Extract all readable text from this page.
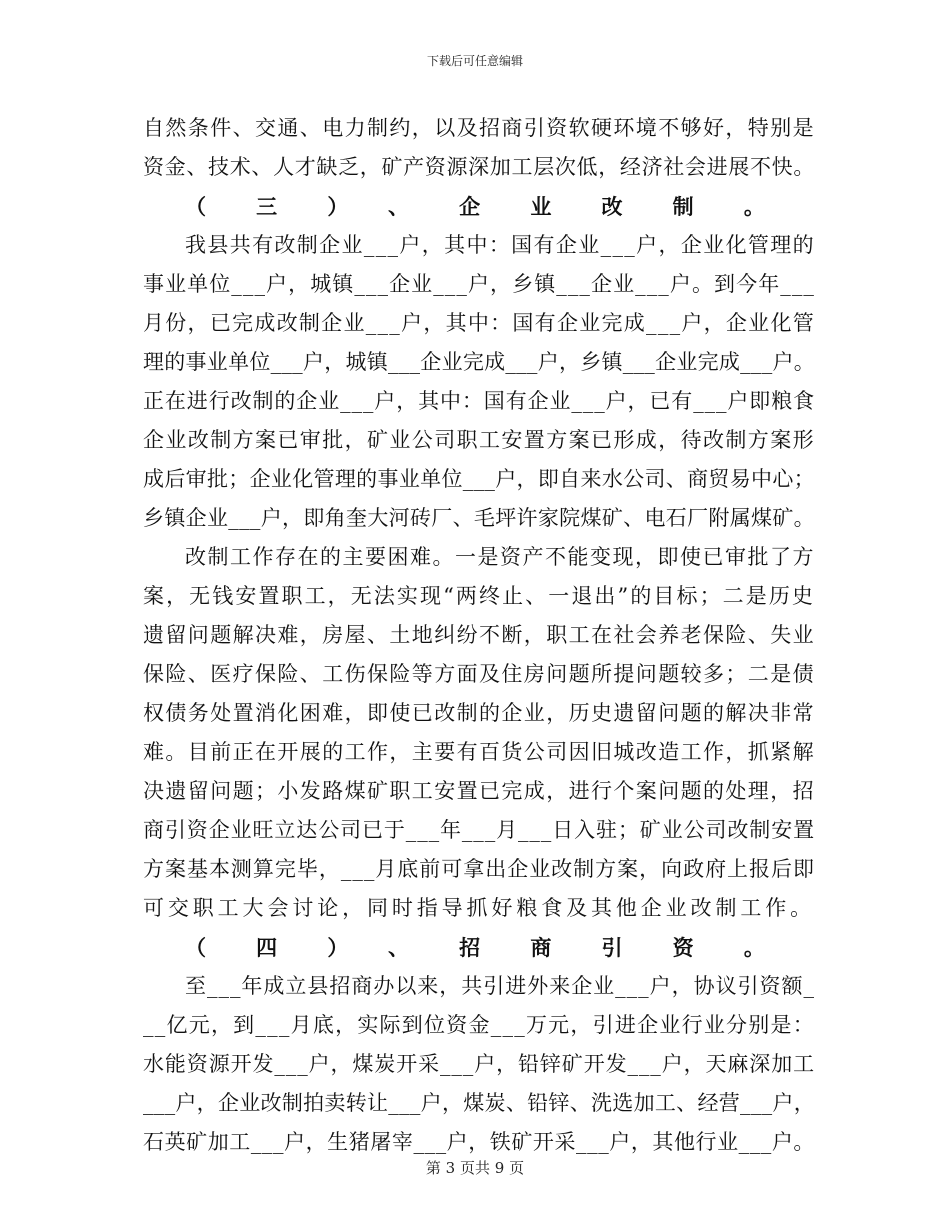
下载后可任意编辑
自然条件、交通、电力制约，以及招商引资软硬环境不够好，特别是
资金、技术、人才缺乏，矿产资源深加工层次低，经济社会进展不快。
（三）、企业改制。
我县共有改制企业___户，其中：国有企业___户，企业化管理的
事业单位___户，城镇___企业___户，乡镇___企业___户。到今年___
月份，已完成改制企业___户，其中：国有企业完成___户，企业化管
理的事业单位___户，城镇___企业完成___户，乡镇___企业完成___户。
正在进行改制的企业___户，其中：国有企业___户，已有___户即粮食
企业改制方案已审批，矿业公司职工安置方案已形成，待改制方案形
成后审批；企业化管理的事业单位___户，即自来水公司、商贸易中心；
乡镇企业___户，即角奎大河砖厂、毛坪许家院煤矿、电石厂附属煤矿。
改制工作存在的主要困难。一是资产不能变现，即使已审批了方
案，无钱安置职工，无法实现“两终止、一退出”的目标；二是历史
遗留问题解决难，房屋、土地纠纷不断，职工在社会养老保险、失业
保险、医疗保险、工伤保险等方面及住房问题所提问题较多；二是债
权债务处置消化困难，即使已改制的企业，历史遗留问题的解决非常
难。目前正在开展的工作，主要有百货公司因旧城改造工作，抓紧解
决遗留问题；小发路煤矿职工安置已完成，进行个案问题的处理，招
商引资企业旺立达公司已于___年___月___日入驻；矿业公司改制安置
方案基本测算完毕，___月底前可拿出企业改制方案，向政府上报后即
可交职工大会讨论，同时指导抓好粮食及其他企业改制工作。
（四）、招商引资。
至___年成立县招商办以来，共引进外来企业___户，协议引资额_
__亿元，到___月底，实际到位资金___万元，引进企业行业分别是：
水能资源开发___户，煤炭开采___户，铅锌矿开发___户，天麻深加工
___户，企业改制拍卖转让___户，煤炭、铅锌、洗选加工、经营___户，
石英矿加工___户，生猪屠宰___户，铁矿开采___户，其他行业___户。
第 3 页共 9 页
